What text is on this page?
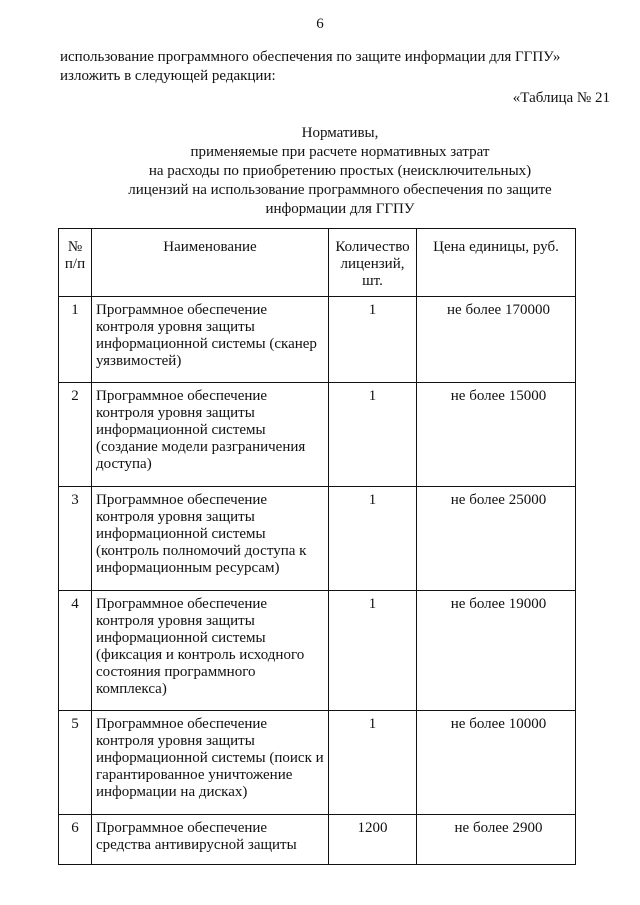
6
использование программного обеспечения по защите информации для ГГПУ»
изложить в следующей редакции:
«Таблица № 21
Нормативы,
применяемые при расчете нормативных затрат
на расходы по приобретению простых (неисключительных)
лицензий на использование программного обеспечения по защите
информации для ГГПУ
№ п/п	Наименование	Количество лицензий, шт.	Цена единицы, руб.
1	Программное обеспечение контроля уровня защиты информационной системы (сканер уязвимостей)	1	не более 170000
2	Программное обеспечение контроля уровня защиты информационной системы (создание модели разграничения доступа)	1	не более 15000
3	Программное обеспечение контроля уровня защиты информационной системы (контроль полномочий доступа к информационным ресурсам)	1	не более 25000
4	Программное обеспечение контроля уровня защиты информационной системы (фиксация и контроль исходного состояния программного комплекса)	1	не более 19000
5	Программное обеспечение контроля уровня защиты информационной системы (поиск и гарантированное уничтожение информации на дисках)	1	не более 10000
6	Программное обеспечение средства антивирусной защиты	1200	не более 2900
